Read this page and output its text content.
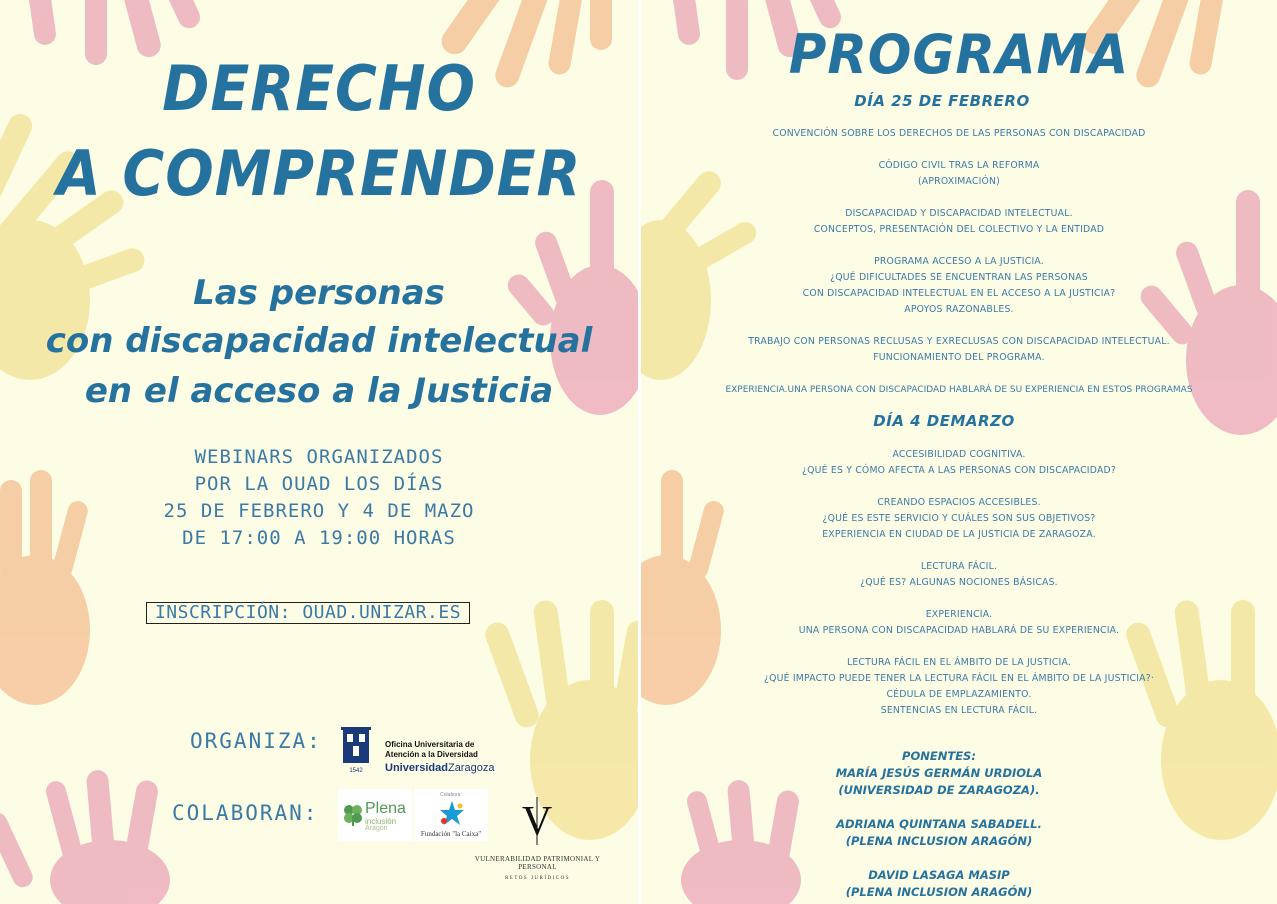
DERECHO
A COMPRENDER
Las personas
con discapacidad intelectual
en el acceso a la Justicia
WEBINARS ORGANIZADOS
POR LA OUAD LOS DÍAS
25 DE FEBRERO Y 4 DE MAZO
DE 17:00 A 19:00 HORAS
INSCRIPCIÓN: OUAD.UNIZAR.ES
ORGANIZA:
1542
Oficina Universitaria de
Atención a la Diversidad
UniversidadZaragoza
COLABORAN:	Plena
inclusión
Aragón
Colabora:
Fundación "la Caixa" V
VULNERABILIDAD PATRIMONIAL Y PERSONAL
RETOS JURÍDICOS
PROGRAMA
DÍA 25 DE FEBRERO
CONVENCIÓN SOBRE LOS DERECHOS DE LAS PERSONAS CON DISCAPACIDAD

CÓDIGO CIVIL TRAS LA REFORMA
(APROXIMACIÓN)

DISCAPACIDAD Y DISCAPACIDAD INTELECTUAL.
CONCEPTOS, PRESENTACIÓN DEL COLECTIVO Y LA ENTIDAD

PROGRAMA ACCESO A LA JUSTICIA.
¿QUÉ DIFICULTADES SE ENCUENTRAN LAS PERSONAS
CON DISCAPACIDAD INTELECTUAL EN EL ACCESO A LA JUSTICIA?
APOYOS RAZONABLES.

TRABAJO CON PERSONAS RECLUSAS Y EXRECLUSAS CON DISCAPACIDAD INTELECTUAL.
FUNCIONAMIENTO DEL PROGRAMA.

EXPERIENCIA.UNA PERSONA CON DISCAPACIDAD HABLARÁ DE SU EXPERIENCIA EN ESTOS PROGRAMAS
DÍA 4 DEMARZO
ACCESIBILIDAD COGNITIVA.
¿QUÉ ES Y CÓMO AFECTA A LAS PERSONAS CON DISCAPACIDAD?

CREANDO ESPACIOS ACCESIBLES.
¿QUÉ ES ESTE SERVICIO Y CUÁLES SON SUS OBJETIVOS?
EXPERIENCIA EN CIUDAD DE LA JUSTICIA DE ZARAGOZA.

LECTURA FÁCIL.
¿QUÉ ES? ALGUNAS NOCIONES BÁSICAS.

EXPERIENCIA.
UNA PERSONA CON DISCAPACIDAD HABLARÁ DE SU EXPERIENCIA.

LECTURA FÁCIL EN EL ÁMBITO DE LA JUSTICIA.
¿QUÉ IMPACTO PUEDE TENER LA LECTURA FÁCIL EN EL ÁMBITO DE LA JUSTICIA?·
CÉDULA DE EMPLAZAMIENTO.
SENTENCIAS EN LECTURA FÁCIL.
PONENTES:
MARÍA JESÚS GERMÁN URDIOLA
(UNIVERSIDAD DE ZARAGOZA).

ADRIANA QUINTANA SABADELL.
(PLENA INCLUSION ARAGÓN)

DAVID LASAGA MASIP
(PLENA INCLUSION ARAGÓN)
